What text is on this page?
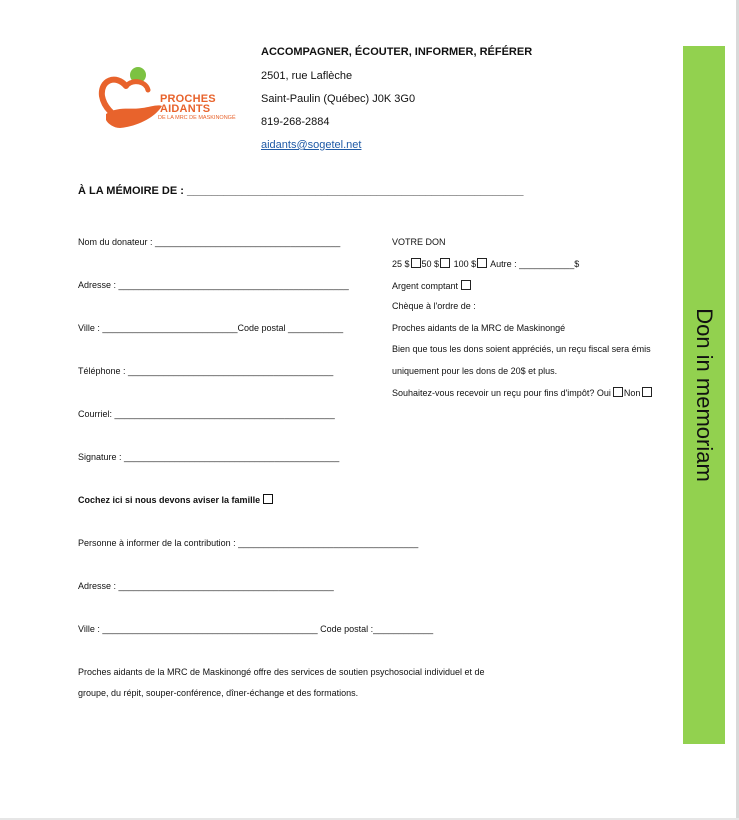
PROCHES
AIDANTS
DE LA MRC DE MASKINONGÉ
ACCOMPAGNER, ÉCOUTER, INFORMER, RÉFÉRER
2501, rue Laflèche
Saint-Paulin (Québec) J0K 3G0
819-268-2884
aidants@sogetel.net
À LA MÉMOIRE DE : _______________________________________________________
Nom du donateur : _____________________________________
Adresse : ______________________________________________
Ville : ___________________________Code postal ___________
Téléphone : _________________________________________
Courriel: ____________________________________________
Signature : ___________________________________________
VOTRE DON
25 $ 50 $ 100 $ Autre : ___________$
Argent comptant
Chèque à l'ordre de :
Proches aidants de la MRC de Maskinongé
Bien que tous les dons soient appréciés, un reçu fiscal sera émis
uniquement pour les dons de 20$ et plus.
Souhaitez-vous recevoir un reçu pour fins d'impôt? Oui Non
Cochez ici si nous devons aviser la famille
Personne à informer de la contribution : ____________________________________
Adresse : ___________________________________________
Ville : ___________________________________________ Code postal :____________
Proches aidants de la MRC de Maskinongé offre des services de soutien psychosocial individuel et de
groupe, du répit, souper-conférence, dîner-échange et des formations.
Don in memoriam
